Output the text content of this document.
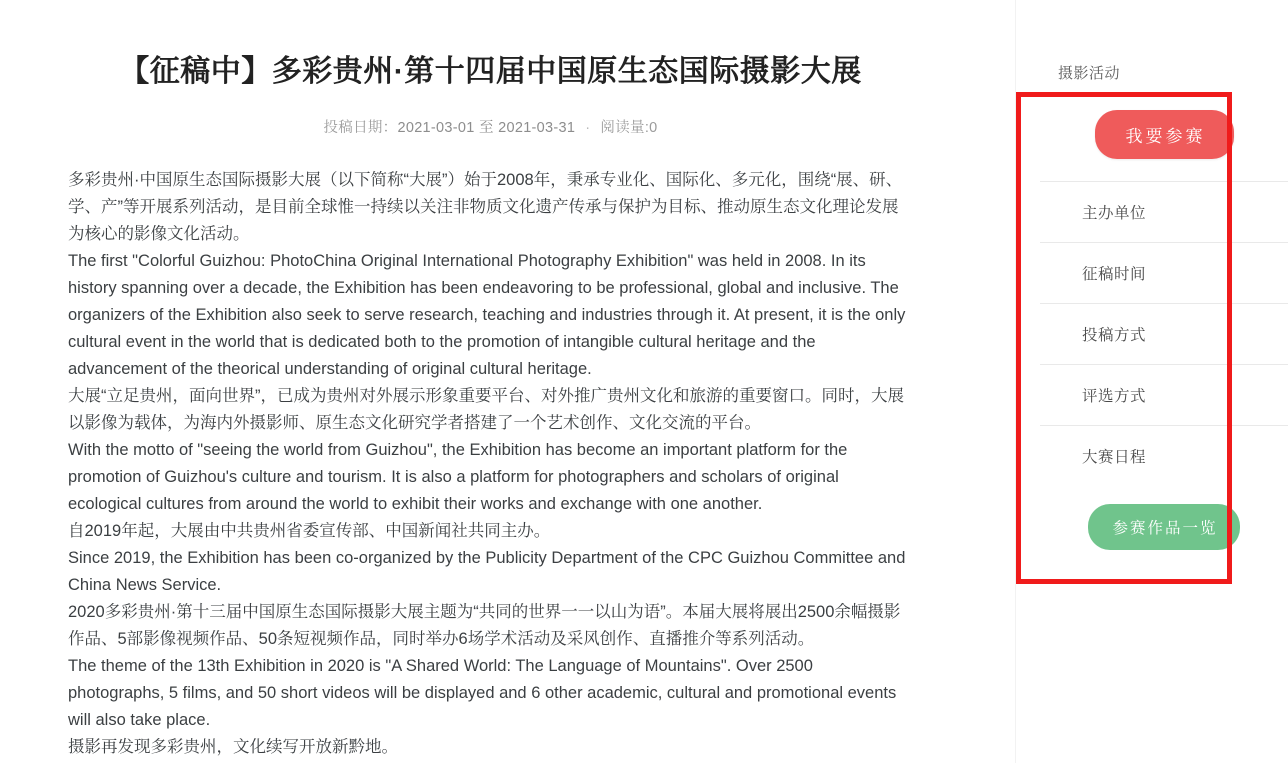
【征稿中】多彩贵州·第十四届中国原生态国际摄影大展
投稿日期：2021-03-01 至 2021-03-31 · 阅读量:0

多彩贵州·中国原生态国际摄影大展（以下简称“大展”）始于2008年，秉承专业化、国际化、多元化，围绕“展、研、学、产”等开展系列活动，是目前全球惟一持续以关注非物质文化遗产传承与保护为目标、推动原生态文化理论发展为核心的影像文化活动。

The first "Colorful Guizhou: PhotoChina Original International Photography Exhibition" was held in 2008. In its history spanning over a decade, the Exhibition has been endeavoring to be professional, global and inclusive. The organizers of the Exhibition also seek to serve research, teaching and industries through it. At present, it is the only cultural event in the world that is dedicated both to the promotion of intangible cultural heritage and the advancement of the theorical understanding of original cultural heritage.

大展“立足贵州，面向世界”，已成为贵州对外展示形象重要平台、对外推广贵州文化和旅游的重要窗口。同时，大展以影像为载体，为海内外摄影师、原生态文化研究学者搭建了一个艺术创作、文化交流的平台。

With the motto of "seeing the world from Guizhou", the Exhibition has become an important platform for the promotion of Guizhou's culture and tourism. It is also a platform for photographers and scholars of original ecological cultures from around the world to exhibit their works and exchange with one another.

自2019年起，大展由中共贵州省委宣传部、中国新闻社共同主办。

Since 2019, the Exhibition has been co-organized by the Publicity Department of the CPC Guizhou Committee and China News Service.

2020多彩贵州·第十三届中国原生态国际摄影大展主题为“共同的世界一一以山为语”。本届大展将展出2500余幅摄影作品、5部影像视频作品、50条短视频作品，同时举办6场学术活动及采风创作、直播推介等系列活动。

The theme of the 13th Exhibition in 2020 is "A Shared World: The Language of Mountains". Over 2500 photographs, 5 films, and 50 short videos will be displayed and 6 other academic, cultural and promotional events will also take place.

摄影再发现多彩贵州，文化续写开放新黔地。

摄影活动
我要参赛
主办单位
征稿时间
投稿方式
评选方式
大赛日程
参赛作品一览
